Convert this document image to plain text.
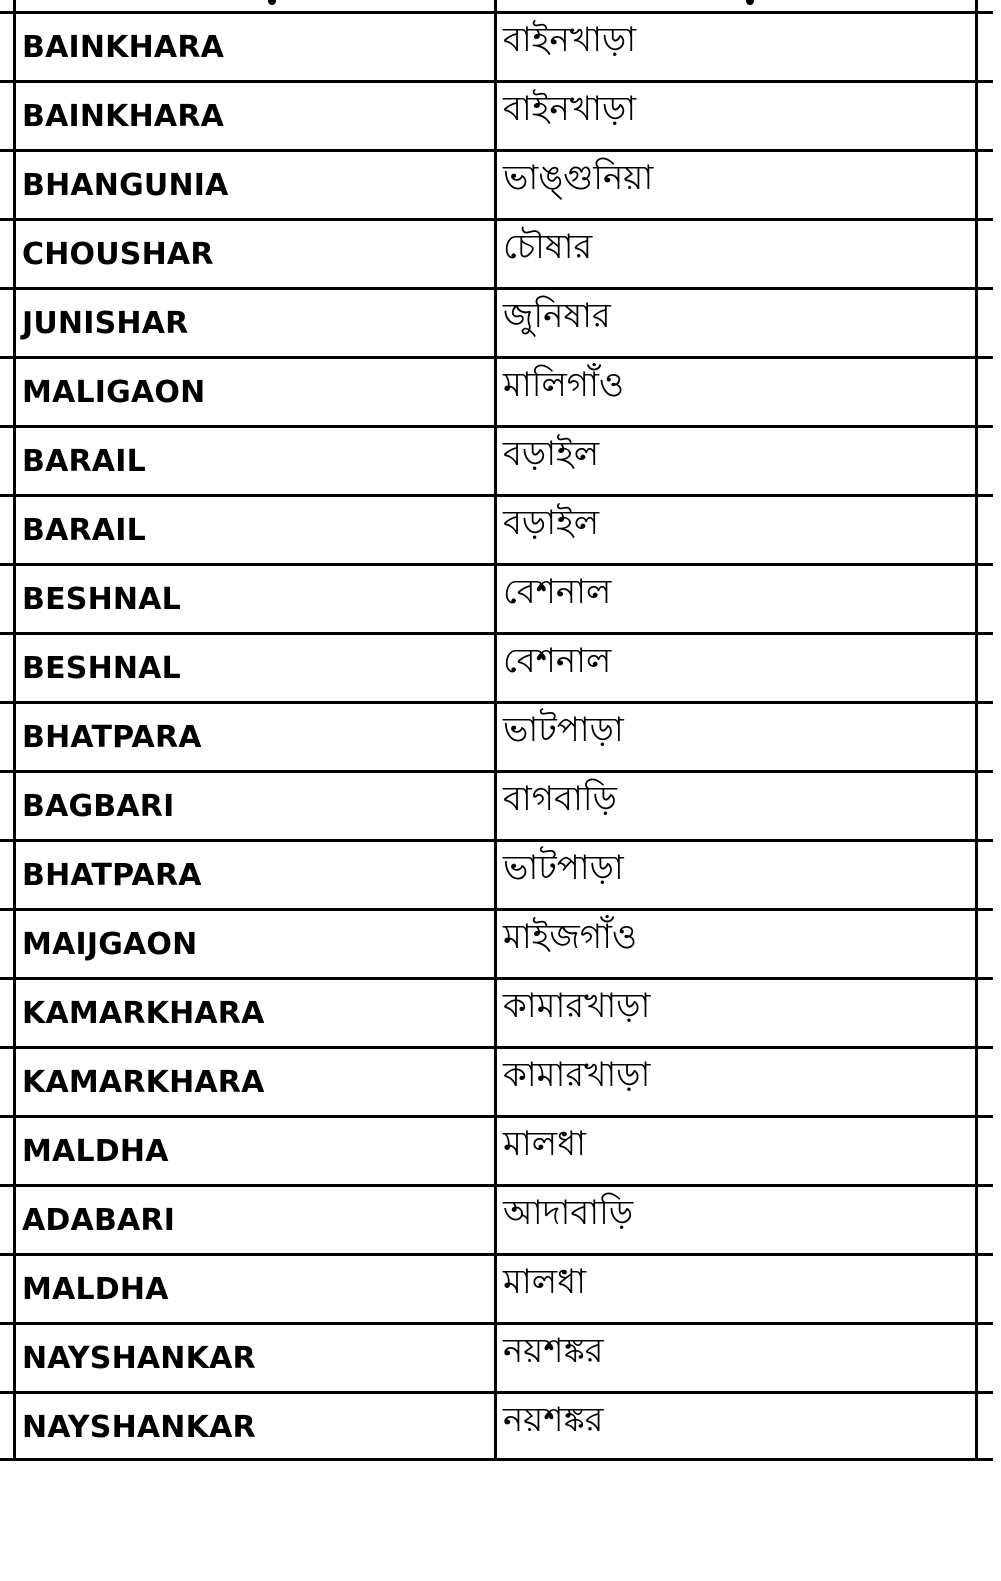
BAINKHARA	বাইনখাড়া
BAINKHARA	বাইনখাড়া
BHANGUNIA	ভাঙ্গুনিয়া
CHOUSHAR	চৌষার
JUNISHAR	জুনিষার
MALIGAON	মালিগাঁও
BARAIL	বড়াইল
BARAIL	বড়াইল
BESHNAL	বেশনাল
BESHNAL	বেশনাল
BHATPARA	ভাটপাড়া
BAGBARI	বাগবাড়ি
BHATPARA	ভাটপাড়া
MAIJGAON	মাইজগাঁও
KAMARKHARA	কামারখাড়া
KAMARKHARA	কামারখাড়া
MALDHA	মালধা
ADABARI	আদাবাড়ি
MALDHA	মালধা
NAYSHANKAR	নয়শঙ্কর
NAYSHANKAR	নয়শঙ্কর
